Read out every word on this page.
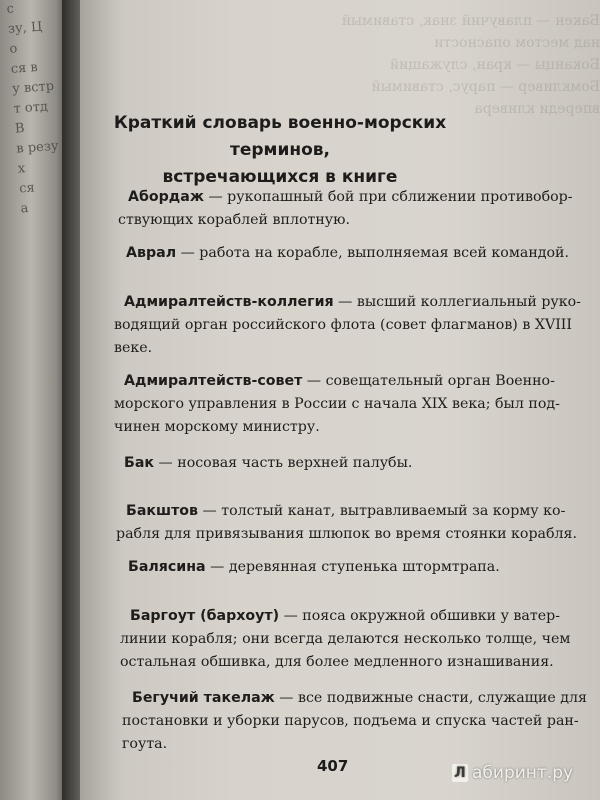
с
зу, Ц
о
ся в
у встр
т отд
В
в резу
х
ся
а
Бакен — плавучий знак, ставимый
над местом опасности
Боканцы — кран, служащий
Бомкливер — парус, ставимый
впереди кливера
Краткий словарь военно-морских терминов,
встречающихся в книге
Абордаж — рукопашный бой при сближении противобор-
ствующих кораблей вплотную.
Аврал — работа на корабле, выполняемая всей командой.
Адмиралтейств-коллегия — высший коллегиальный руко-
водящий орган российского флота (совет флагманов) в XVIII
веке.
Адмиралтейств-совет — совещательный орган Военно-
морского управления в России с начала XIX века; был под-
чинен морскому министру.
Бак — носовая часть верхней палубы.
Бакштов — толстый канат, вытравливаемый за корму ко-
рабля для привязывания шлюпок во время стоянки корабля.
Балясина — деревянная ступенька штормтрапа.
Баргоут (бархоут) — пояса окружной обшивки у ватер-
линии корабля; они всегда делаются несколько толще, чем
остальная обшивка, для более медленного изнашивания.
Бегучий такелаж — все подвижные снасти, служащие для
постановки и уборки парусов, подъема и спуска частей ран-
гоута.
407	Л абиринт.ру
